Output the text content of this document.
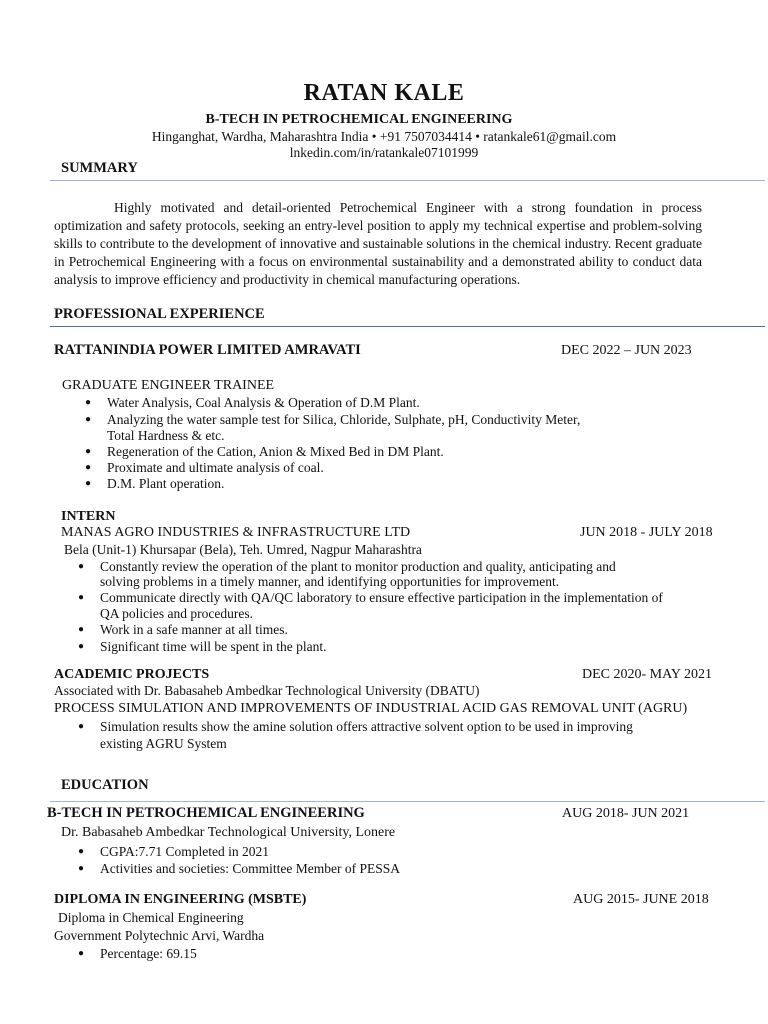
RATAN KALE
B-TECH IN PETROCHEMICAL ENGINEERING
Hinganghat, Wardha, Maharashtra India • +91 7507034414 • ratankale61@gmail.com
lnkedin.com/in/ratankale07101999
SUMMARY
Highly motivated and detail-oriented Petrochemical Engineer with a strong foundation in process optimization and safety protocols, seeking an entry-level position to apply my technical expertise and problem-solving skills to contribute to the development of innovative and sustainable solutions in the chemical industry. Recent graduate in Petrochemical Engineering with a focus on environmental sustainability and a demonstrated ability to conduct data analysis to improve efficiency and productivity in chemical manufacturing operations.
PROFESSIONAL EXPERIENCE
RATTANINDIA POWER LIMITED AMRAVATI	DEC 2022 – JUN 2023
GRADUATE ENGINEER TRAINEE
● Water Analysis, Coal Analysis & Operation of D.M Plant.
● Analyzing the water sample test for Silica, Chloride, Sulphate, pH, Conductivity Meter,
Total Hardness & etc.
● Regeneration of the Cation, Anion & Mixed Bed in DM Plant.
● Proximate and ultimate analysis of coal.
● D.M. Plant operation.
INTERN
MANAS AGRO INDUSTRIES & INFRASTRUCTURE LTD	JUN 2018 - JULY 2018
Bela (Unit-1) Khursapar (Bela), Teh. Umred, Nagpur Maharashtra
● Constantly review the operation of the plant to monitor production and quality, anticipating and
solving problems in a timely manner, and identifying opportunities for improvement.
● Communicate directly with QA/QC laboratory to ensure effective participation in the implementation of
QA policies and procedures.
● Work in a safe manner at all times.
● Significant time will be spent in the plant.
ACADEMIC PROJECTS	DEC 2020- MAY 2021
Associated with Dr. Babasaheb Ambedkar Technological University (DBATU)
PROCESS SIMULATION AND IMPROVEMENTS OF INDUSTRIAL ACID GAS REMOVAL UNIT (AGRU)
● Simulation results show the amine solution offers attractive solvent option to be used in improving
existing AGRU System
EDUCATION
B-TECH IN PETROCHEMICAL ENGINEERING	AUG 2018- JUN 2021
Dr. Babasaheb Ambedkar Technological University, Lonere
● CGPA:7.71 Completed in 2021
● Activities and societies: Committee Member of PESSA
DIPLOMA IN ENGINEERING (MSBTE)	AUG 2015- JUNE 2018
Diploma in Chemical Engineering
Government Polytechnic Arvi, Wardha
● Percentage: 69.15
